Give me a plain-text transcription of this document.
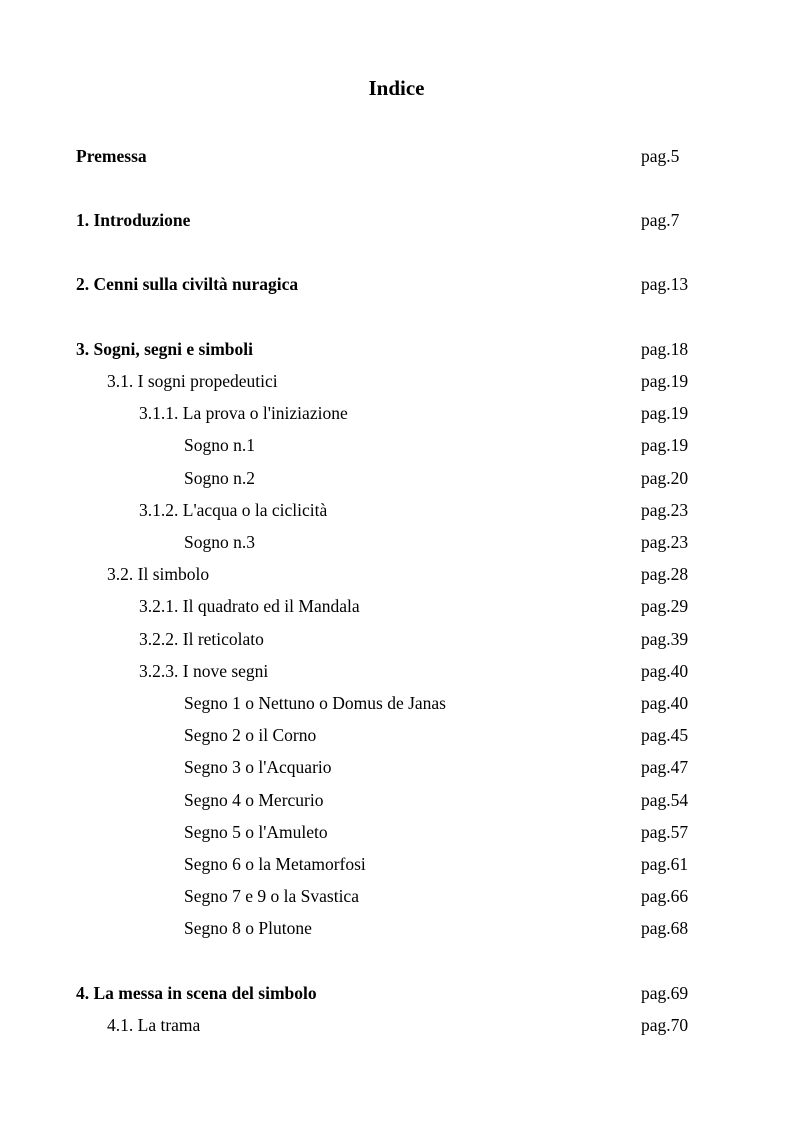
Indice
Premessa	pag.5
1. Introduzione	pag.7
2. Cenni sulla civiltà nuragica	pag.13
3. Sogni, segni e simboli	pag.18
3.1. I sogni propedeutici	pag.19
3.1.1. La prova o l'iniziazione	pag.19
Sogno n.1	pag.19
Sogno n.2	pag.20
3.1.2. L'acqua o la ciclicità	pag.23
Sogno n.3	pag.23
3.2. Il simbolo	pag.28
3.2.1. Il quadrato ed il Mandala	pag.29
3.2.2. Il reticolato	pag.39
3.2.3. I nove segni	pag.40
Segno 1 o Nettuno o Domus de Janas	pag.40
Segno 2 o il Corno	pag.45
Segno 3 o l'Acquario	pag.47
Segno 4 o Mercurio	pag.54
Segno 5 o l'Amuleto	pag.57
Segno 6 o la Metamorfosi	pag.61
Segno 7 e 9 o la Svastica	pag.66
Segno 8 o Plutone	pag.68
4. La messa in scena del simbolo	pag.69
4.1. La trama	pag.70
